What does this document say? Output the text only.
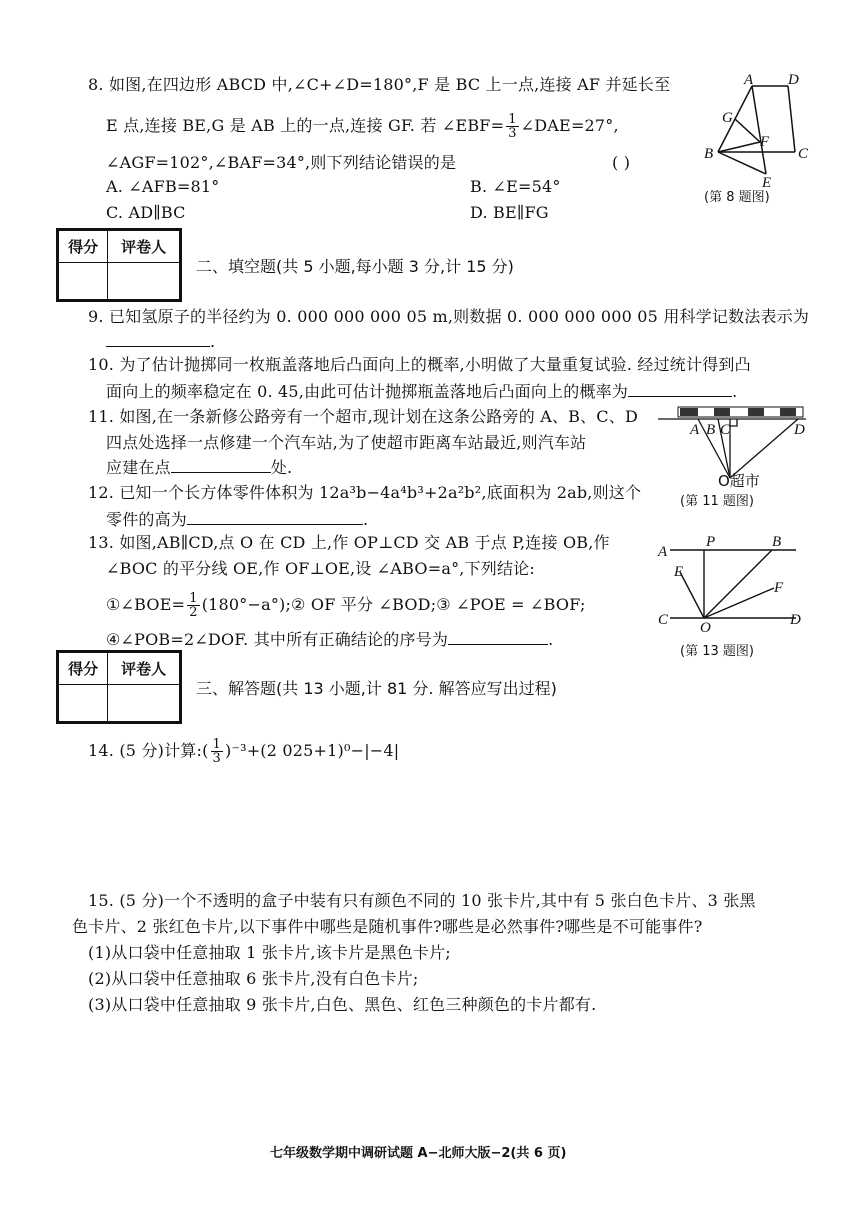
8. 如图,在四边形 ABCD 中,∠C+∠D=180°,F 是 BC 上一点,连接 AF 并延长至
E 点,连接 BE,G 是 AB 上的一点,连接 GF. 若 ∠EBF= $\frac{1}{3}$ ∠DAE=27°,
∠AGF=102°,∠BAF=34°,则下列结论错误的是	( )
A. ∠AFB=81°	B. ∠E=54°
C. AD∥BC	D. BE∥FG
A D
G
F
B	C
E
(第 8 题图)
得分	评卷人

二、填空题(共 5 小题,每小题 3 分,计 15 分)
9. 已知氢原子的半径约为 0. 000 000 000 05 m,则数据 0. 000 000 000 05 用科学记数法表示为
.
10. 为了估计抛掷同一枚瓶盖落地后凸面向上的概率,小明做了大量重复试验. 经过统计得到凸
面向上的频率稳定在 0. 45,由此可估计抛掷瓶盖落地后凸面向上的概率为	.
11. 如图,在一条新修公路旁有一个超市,现计划在这条公路旁的 A、B、C、D
四点处选择一点修建一个汽车站,为了使超市距离车站最近,则汽车站
应建在点	处.
A B C	D
O超市
(第 11 题图)
12. 已知一个长方体零件体积为 12a³b−4a⁴b³+2a²b²,底面积为 2ab,则这个
零件的高为	.
13. 如图,AB∥CD,点 O 在 CD 上,作 OP⊥CD 交 AB 于点 P,连接 OB,作
∠BOC 的平分线 OE,作 OF⊥OE,设 ∠ABO=a°,下列结论:
①∠BOE= $\frac{1}{2}$ (180°−a°);② OF 平分 ∠BOD;③ ∠POE = ∠BOF;
④∠POB=2∠DOF. 其中所有正确结论的序号为	.
A
P	B
E
F
C O	D
(第 13 题图)
得分	评卷人

三、解答题(共 13 小题,计 81 分. 解答应写出过程)
14. (5 分)计算:( $\frac{1}{3} )^{-3}+(2$ 025+1)⁰−|−4|
15. (5 分)一个不透明的盒子中装有只有颜色不同的 10 张卡片,其中有 5 张白色卡片、3 张黑
色卡片、2 张红色卡片,以下事件中哪些是随机事件?哪些是必然事件?哪些是不可能事件?
(1)从口袋中任意抽取 1 张卡片,该卡片是黑色卡片;
(2)从口袋中任意抽取 6 张卡片,没有白色卡片;
(3)从口袋中任意抽取 9 张卡片,白色、黑色、红色三种颜色的卡片都有.
七年级数学期中调研试题 A−北师大版−2(共 6 页)
